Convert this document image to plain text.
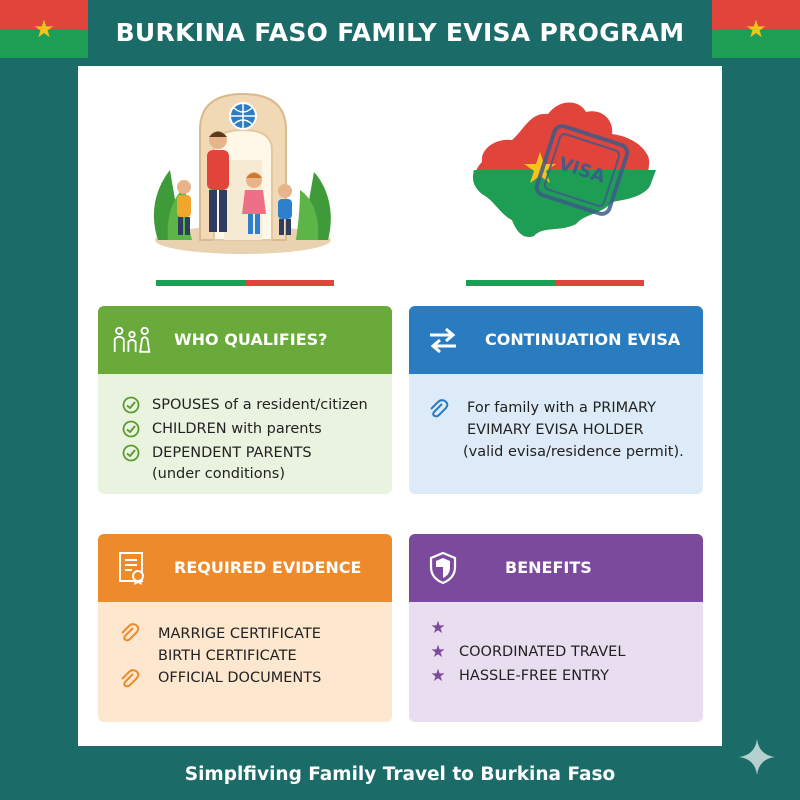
★	★
BURKINA FASO FAMILY EVISA PROGRAM
VISA
WHO QUALIFIES?
SPOUSES of a resident/citizen
CHILDREN with parents
DEPENDENT PARENTS
(under conditions)
CONTINUATION EVISA
For family with a PRIMARY
EVIMARY EVISA HOLDER
(valid evisa/residence permit).
REQUIRED EVIDENCE
MARRIGE CERTIFICATE
BIRTH CERTIFICATE
OFFICIAL DOCUMENTS
BENEFITS
★
★ COORDINATED TRAVEL
★ HASSLE-FREE ENTRY
Simplfiving Family Travel to Burkina Faso
